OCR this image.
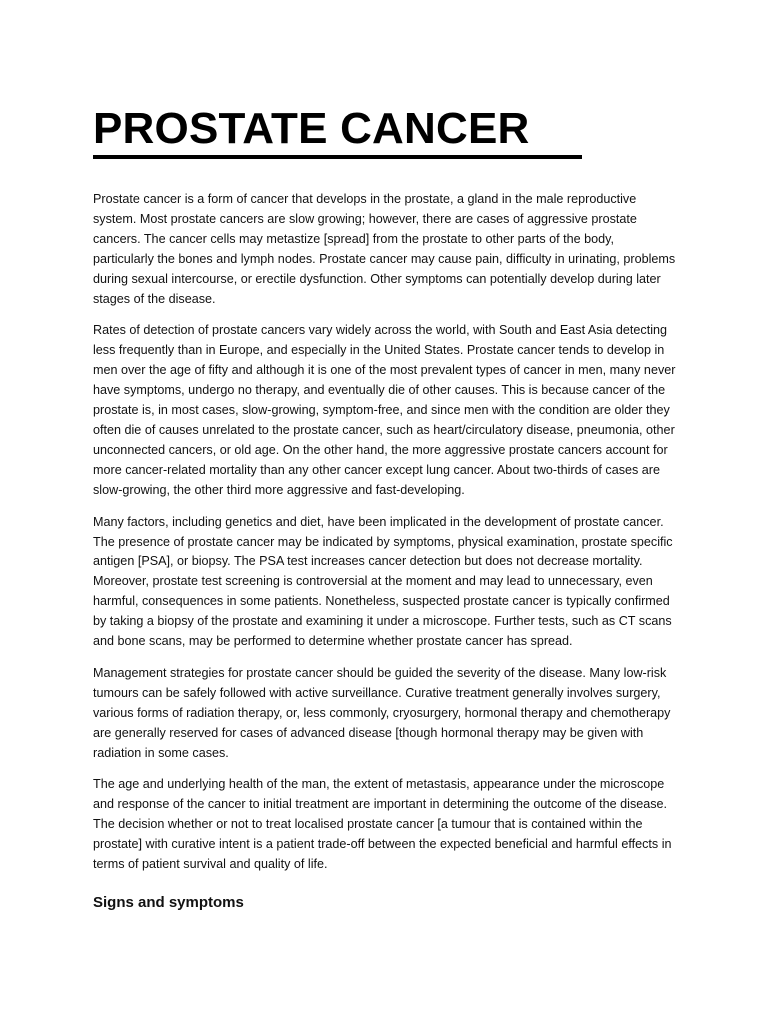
PROSTATE CANCER

Prostate cancer is a form of cancer that develops in the prostate, a gland in the male reproductive system. Most prostate cancers are slow growing; however, there are cases of aggressive prostate cancers. The cancer cells may metastize [spread] from the prostate to other parts of the body, particularly the bones and lymph nodes. Prostate cancer may cause pain, difficulty in urinating, problems during sexual intercourse, or erectile dysfunction. Other symptoms can potentially develop during later stages of the disease.

Rates of detection of prostate cancers vary widely across the world, with South and East Asia detecting less frequently than in Europe, and especially in the United States. Prostate cancer tends to develop in men over the age of fifty and although it is one of the most prevalent types of cancer in men, many never have symptoms, undergo no therapy, and eventually die of other causes. This is because cancer of the prostate is, in most cases, slow-growing, symptom-free, and since men with the condition are older they often die of causes unrelated to the prostate cancer, such as heart/circulatory disease, pneumonia, other unconnected cancers, or old age. On the other hand, the more aggressive prostate cancers account for more cancer-related mortality than any other cancer except lung cancer. About two-thirds of cases are slow-growing, the other third more aggressive and fast-developing.

Many factors, including genetics and diet, have been implicated in the development of prostate cancer. The presence of prostate cancer may be indicated by symptoms, physical examination, prostate specific antigen [PSA], or biopsy. The PSA test increases cancer detection but does not decrease mortality. Moreover, prostate test screening is controversial at the moment and may lead to unnecessary, even harmful, consequences in some patients. Nonetheless, suspected prostate cancer is typically confirmed by taking a biopsy of the prostate and examining it under a microscope. Further tests, such as CT scans and bone scans, may be performed to determine whether prostate cancer has spread.

Management strategies for prostate cancer should be guided the severity of the disease. Many low-risk tumours can be safely followed with active surveillance. Curative treatment generally involves surgery, various forms of radiation therapy, or, less commonly, cryosurgery, hormonal therapy and chemotherapy are generally reserved for cases of advanced disease [though hormonal therapy may be given with radiation in some cases.

The age and underlying health of the man, the extent of metastasis, appearance under the microscope and response of the cancer to initial treatment are important in determining the outcome of the disease. The decision whether or not to treat localised prostate cancer [a tumour that is contained within the prostate] with curative intent is a patient trade-off between the expected beneficial and harmful effects in terms of patient survival and quality of life.

Signs and symptoms
